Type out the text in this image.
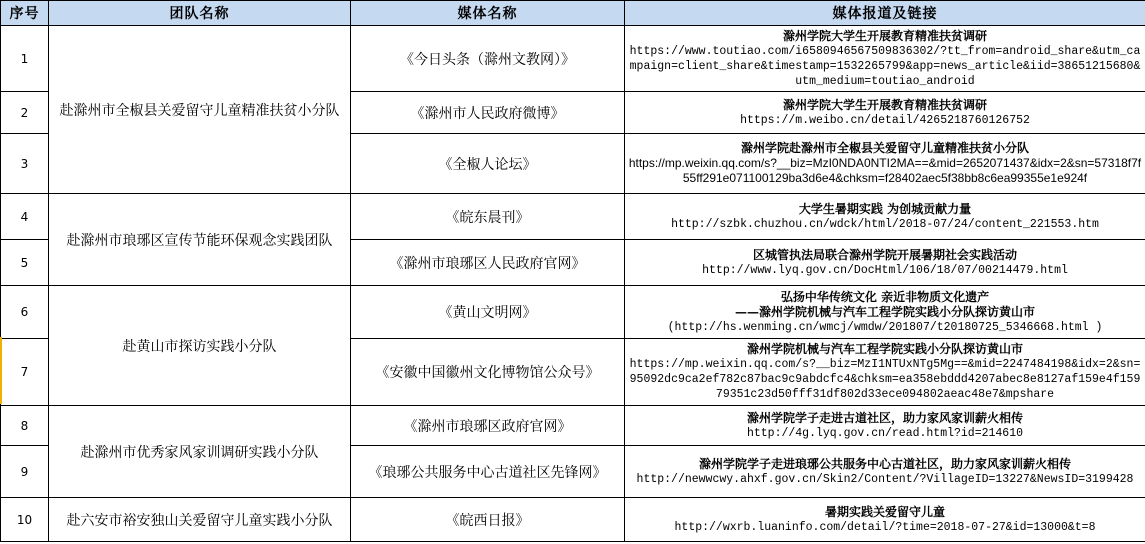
序号	团队名称	媒体名称	媒体报道及链接
1	赴滁州市全椒县关爱留守儿童精准扶贫小分队	《今日头条（滁州文教网）》	滁州学院大学生开展教育精准扶贫调研
https://www.toutiao.com/i6580946567509836302/?tt_from=android_share&utm_campaign=client_share&timestamp=1532265799&app=news_article&iid=38651215680&utm_medium=toutiao_android

2		《滁州市人民政府微博》	滁州学院大学生开展教育精准扶贫调研
https://m.weibo.cn/detail/4265218760126752

3		《全椒人论坛》	滁州学院赴滁州市全椒县关爱留守儿童精准扶贫小分队
https://mp.weixin.qq.com/s?__biz=MzI0NDA0NTI2MA==&mid=2652071437&idx=2&sn=57318f7f55ff291e071100129ba3d6e4&chksm=f28402aec5f38bb8c6ea99355e1e924f

4	赴滁州市琅琊区宣传节能环保观念实践团队	《皖东晨刊》	大学生暑期实践 为创城贡献力量
http://szbk.chuzhou.cn/wdck/html/2018-07/24/content_221553.htm

5		《滁州市琅琊区人民政府官网》	区城管执法局联合滁州学院开展暑期社会实践活动
http://www.lyq.gov.cn/DocHtml/106/18/07/00214479.html

6	赴黄山市探访实践小分队	《黄山文明网》	弘扬中华传统文化 亲近非物质文化遗产
——滁州学院机械与汽车工程学院实践小分队探访黄山市
(http://hs.wenming.cn/wmcj/wmdw/201807/t20180725_5346668.html )

7		《安徽中国徽州文化博物馆公众号》	滁州学院机械与汽车工程学院实践小分队探访黄山市
https://mp.weixin.qq.com/s?__biz=MzI1NTUxNTg5Mg==&mid=2247484198&idx=2&sn=95092dc9ca2ef782c87bac9c9abdcfc4&chksm=ea358ebddd4207abec8e8127af159e4f15979351c23d50fff31df802d33ece094802aeac48e7&mpshare

8	赴滁州市优秀家风家训调研实践小分队	《滁州市琅琊区政府官网》	滁州学院学子走进古道社区，助力家风家训薪火相传
http://4g.lyq.gov.cn/read.html?id=214610

9		《琅琊公共服务中心古道社区先锋网》	滁州学院学子走进琅琊公共服务中心古道社区，助力家风家训薪火相传
http://newwcwy.ahxf.gov.cn/Skin2/Content/?VillageID=13227&NewsID=3199428

10	赴六安市裕安独山关爱留守儿童实践小分队	《皖西日报》	暑期实践关爱留守儿童
http://wxrb.luaninfo.com/detail/?time=2018-07-27&id=13000&t=8
